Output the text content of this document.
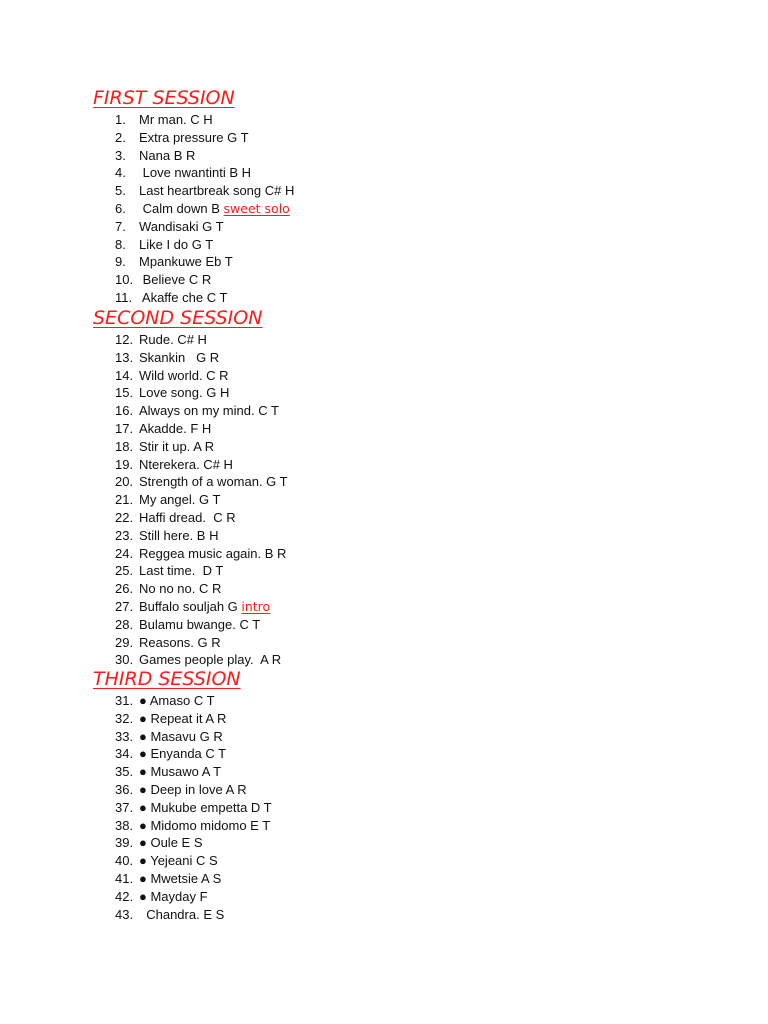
FIRST SESSION
1.	Mr man. C H
2.	Extra pressure G T
3.	Nana B R
4.	Love nwantinti B H
5.	Last heartbreak song C# H
6.	Calm down B sweet solo
7.	Wandisaki G T
8.	Like I do G T
9.	Mpankuwe Eb T
10. Believe C R
11. Akaffe che C T
SECOND SESSION
12. Rude. C# H
13. Skankin   G R
14. Wild world. C R
15. Love song. G H
16. Always on my mind. C T
17. Akadde. F H
18. Stir it up. A R
19. Nterekera. C# H
20. Strength of a woman. G T
21. My angel. G T
22. Haffi dread.  C R
23. Still here. B H
24. Reggea music again. B R
25. Last time.  D T
26. No no no. C R
27. Buffalo souljah G intro
28. Bulamu bwange. C T
29. Reasons. G R
30. Games people play.  A R
THIRD SESSION
31. ● Amaso C T
32. ● Repeat it A R
33. ● Masavu G R
34. ● Enyanda C T
35. ● Musawo A T
36. ● Deep in love A R
37. ● Mukube empetta D T
38. ● Midomo midomo E T
39. ● Oule E S
40. ● Yejeani C S
41. ● Mwetsie A S
42. ● Mayday F
43. Chandra. E S
